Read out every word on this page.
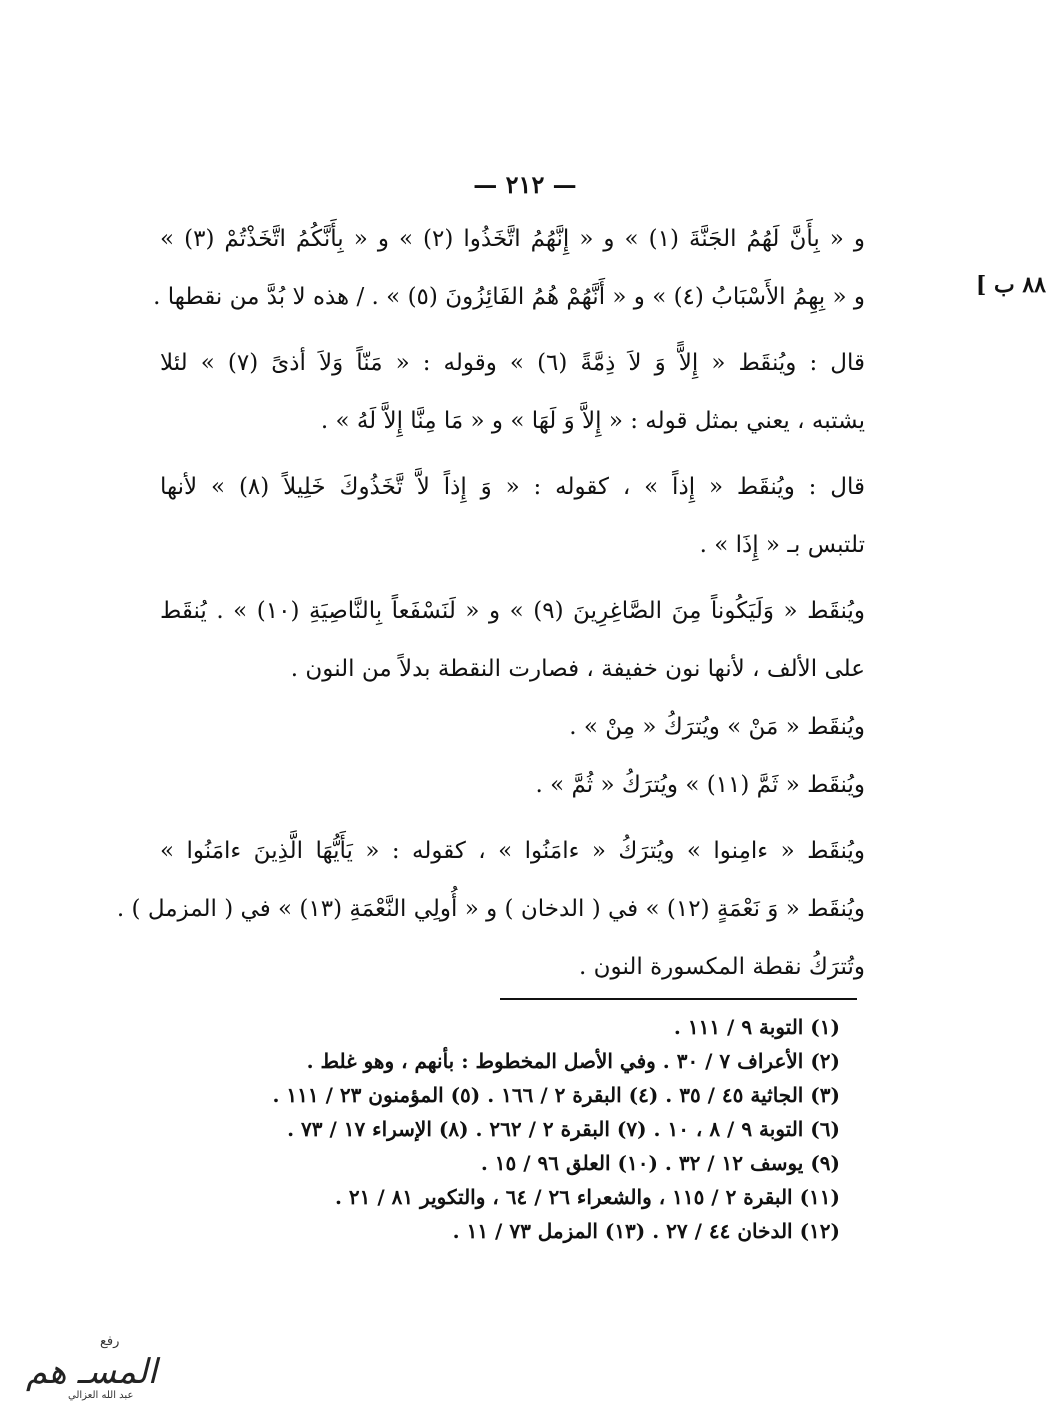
— ٢١٢ —
٨٨ ب ]
و « بِأَنَّ لَهُمُ الجَنَّةَ (١) » و « إِنَّهُمُ اتَّخَذُوا (٢) » و « بِأَنَّكُمُ اتَّخَذْتُمْ (٣) »
و « بِهِمُ الأَسْبَابُ (٤) » و « أَنَّهُمْ هُمُ الفَائِزُونَ (٥) » . / هذه لا بُدَّ من نقطها .
قال : ويُنقَط « إِلاًّ وَ لاَ ذِمَّةً (٦) » وقوله : « مَنّاً وَلاَ أذىً (٧) » لئلا
يشتبه ، يعني بمثل قوله : « إِلاَّ وَ لَهَا » و « مَا مِنَّا إِلاَّ لَهُ » .
قال : ويُنقَط « إِذاً » ، كقوله : « وَ إِذاً لاَّ تَّخَذُوكَ خَلِيلاً (٨) » لأنها
تلتبس بـ « إِذَا » .
ويُنقَط « وَلَيَكُوناً مِنَ الصَّاغِرِينَ (٩) » و « لَنَسْفَعاً بِالنَّاصِيَةِ (١٠) » . يُنقَط
على الألف ، لأنها نون خفيفة ، فصارت النقطة بدلاً من النون .
ويُنقَط « مَنْ » ويُترَكُ « مِنْ » .
ويُنقَط « ثَمَّ (١١) » ويُترَكُ « ثُمَّ » .
ويُنقَط « ءامِنوا » ويُترَكُ « ءامَنُوا » ، كقوله : « يَأَيُّهَا الَّذِينَ ءامَنُوا »
ويُنقَط « وَ نَعْمَةٍ (١٢) » في ( الدخان ) و « أُولِي النَّعْمَةِ (١٣) » في ( المزمل ) .
وتُترَكُ نقطة المكسورة النون .
(١) التوبة ٩ / ١١١ .
(٢) الأعراف ٧ / ٣٠ . وفي الأصل المخطوط : بأنهم ، وهو غلط .
(٣) الجاثية ٤٥ / ٣٥ . (٤) البقرة ٢ / ١٦٦ . (٥) المؤمنون ٢٣ / ١١١ .
(٦) التوبة ٩ / ٨ ، ١٠ . (٧) البقرة ٢ / ٢٦٢ . (٨) الإسراء ١٧ / ٧٣ .
(٩) يوسف ١٢ / ٣٢ . (١٠) العلق ٩٦ / ١٥ .
(١١) البقرة ٢ / ١١٥ ، والشعراء ٢٦ / ٦٤ ، والتكوير ٨١ / ٢١ .
(١٢) الدخان ٤٤ / ٢٧ . (١٣) المزمل ٧٣ / ١١ .
رفع
المسـ هم
عبد الله العزالي
